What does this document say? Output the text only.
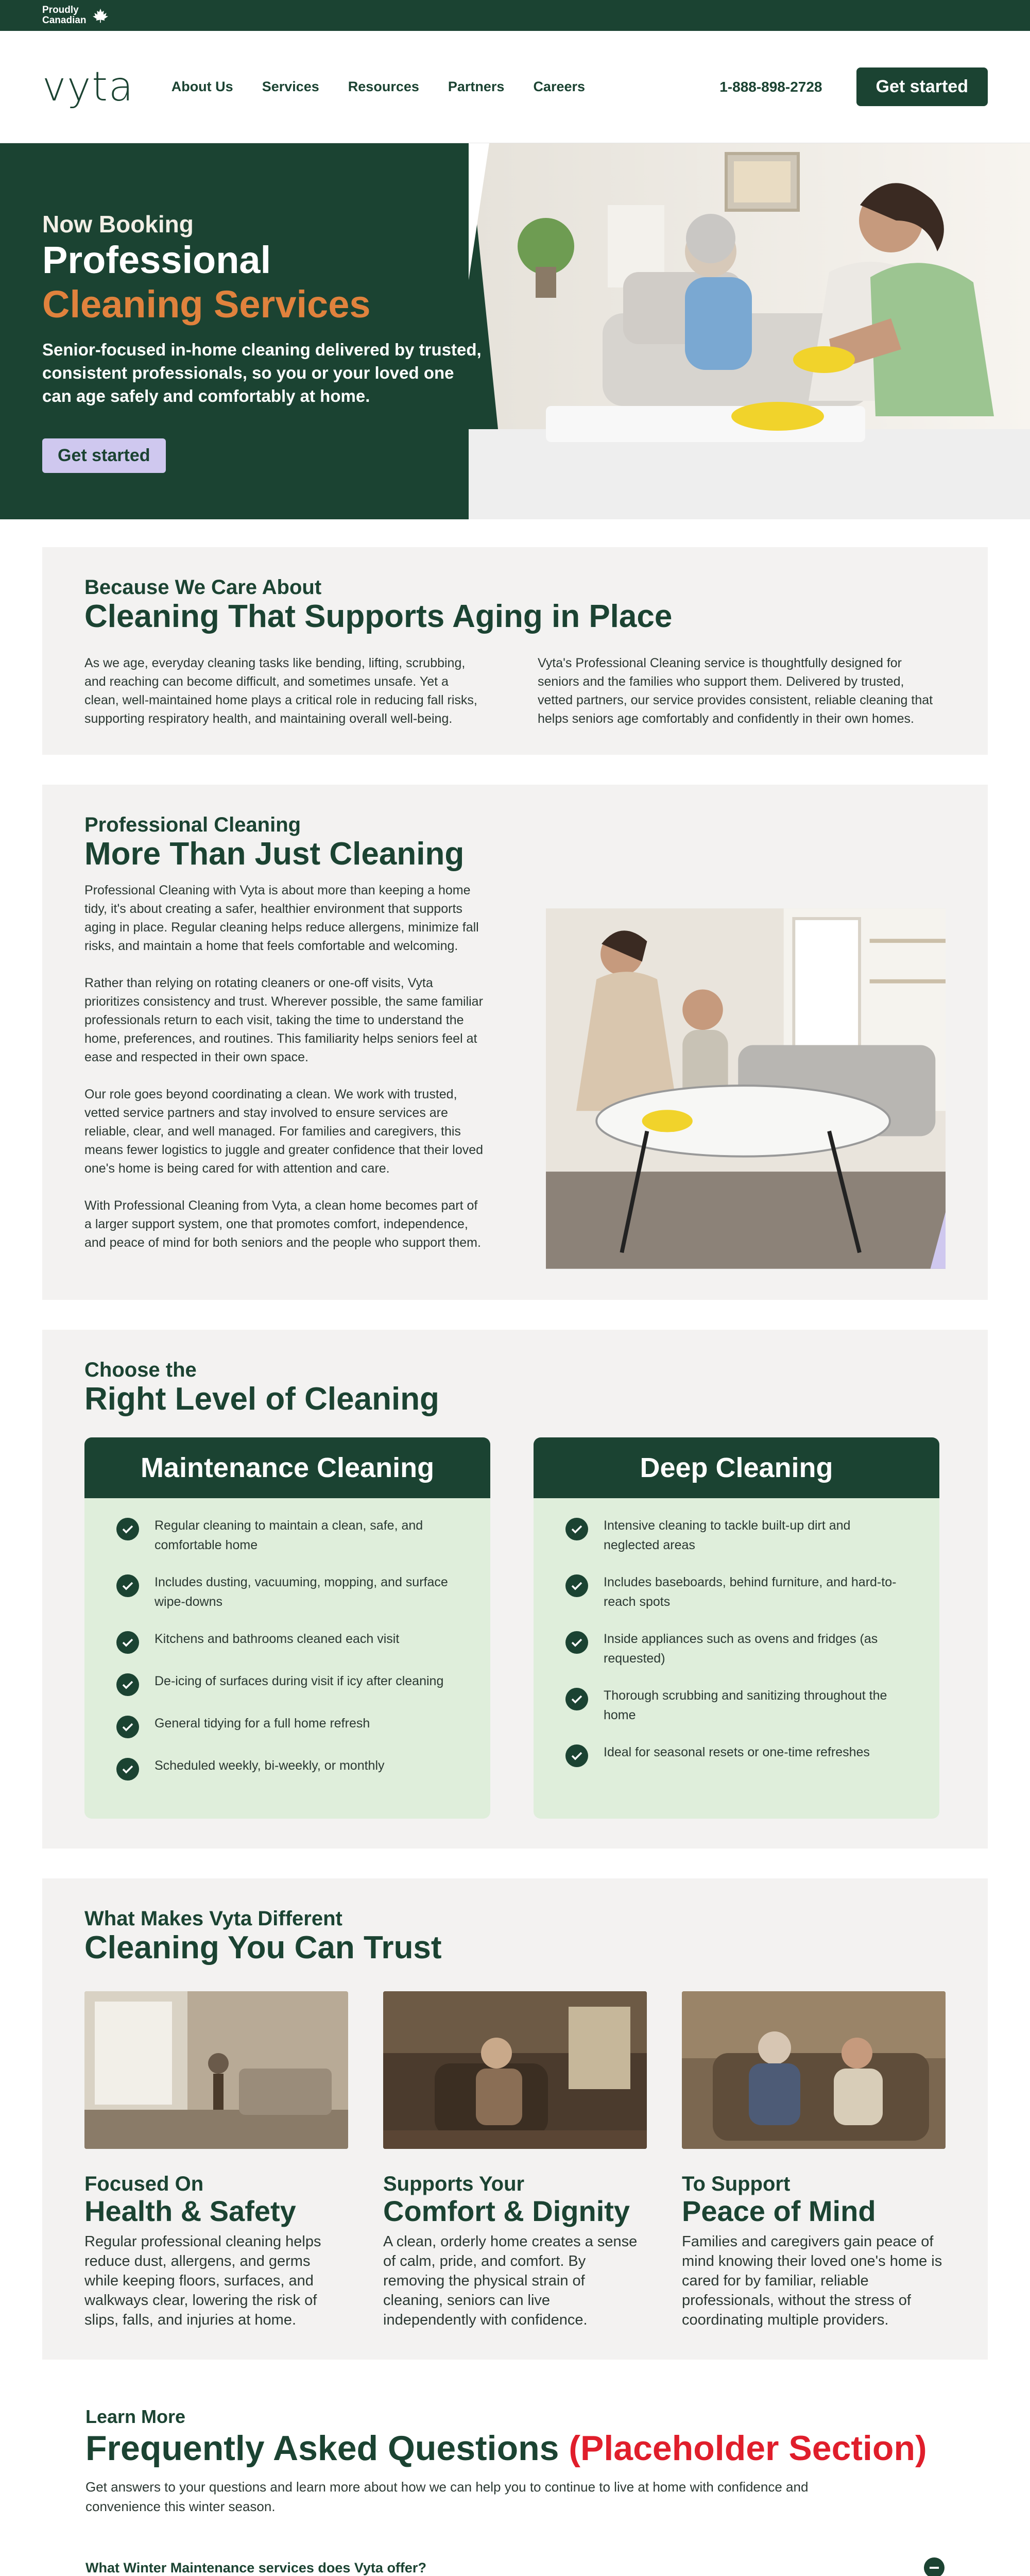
Proudly
Canadian
vyta	About Us Services Resources Partners Careers	1-888-898-2728	Get started
Now Booking
Professional
Cleaning Services
Senior-focused in-home cleaning delivered by trusted, consistent professionals, so you or your loved one can age safely and comfortably at home.
Get started
Because We Care About
Cleaning That Supports Aging in Place

As we age, everyday cleaning tasks like bending, lifting, scrubbing, and reaching can become difficult, and sometimes unsafe. Yet a clean, well-maintained home plays a critical role in reducing fall risks, supporting respiratory health, and maintaining overall well-being.

Vyta's Professional Cleaning service is thoughtfully designed for seniors and the families who support them. Delivered by trusted, vetted partners, our service provides consistent, reliable cleaning that helps seniors age comfortably and confidently in their own homes.

Professional Cleaning
More Than Just Cleaning

Professional Cleaning with Vyta is about more than keeping a home tidy, it's about creating a safer, healthier environment that supports aging in place. Regular cleaning helps reduce allergens, minimize fall risks, and maintain a home that feels comfortable and welcoming.

Rather than relying on rotating cleaners or one-off visits, Vyta prioritizes consistency and trust. Wherever possible, the same familiar professionals return to each visit, taking the time to understand the home, preferences, and routines. This familiarity helps seniors feel at ease and respected in their own space.

Our role goes beyond coordinating a clean. We work with trusted, vetted service partners and stay involved to ensure services are reliable, clear, and well managed. For families and caregivers, this means fewer logistics to juggle and greater confidence that their loved one's home is being cared for with attention and care.

With Professional Cleaning from Vyta, a clean home becomes part of a larger support system, one that promotes comfort, independence, and peace of mind for both seniors and the people who support them.

Choose the
Right Level of Cleaning
Maintenance Cleaning
Regular cleaning to maintain a clean, safe, and comfortable home
Includes dusting, vacuuming, mopping, and surface wipe-downs
Kitchens and bathrooms cleaned each visit
De-icing of surfaces during visit if icy after cleaning
General tidying for a full home refresh
Scheduled weekly, bi-weekly, or monthly
Deep Cleaning
Intensive cleaning to tackle built-up dirt and neglected areas
Includes baseboards, behind furniture, and hard-to-reach spots
Inside appliances such as ovens and fridges (as requested)
Thorough scrubbing and sanitizing throughout the home
Ideal for seasonal resets or one-time refreshes
What Makes Vyta Different
Cleaning You Can Trust
Focused On
Health & Safety
Regular professional cleaning helps reduce dust, allergens, and germs while keeping floors, surfaces, and walkways clear, lowering the risk of slips, falls, and injuries at home.
Supports Your
Comfort & Dignity
A clean, orderly home creates a sense of calm, pride, and comfort. By removing the physical strain of cleaning, seniors can live independently with confidence.
To Support
Peace of Mind
Families and caregivers gain peace of mind knowing their loved one's home is cared for by familiar, reliable professionals, without the stress of coordinating multiple providers.
Learn More
Frequently Asked Questions (Placeholder Section)

Get answers to your questions and learn more about how we can help you to continue to live at home with confidence and convenience this winter season.

What Winter Maintenance services does Vyta offer?	−
